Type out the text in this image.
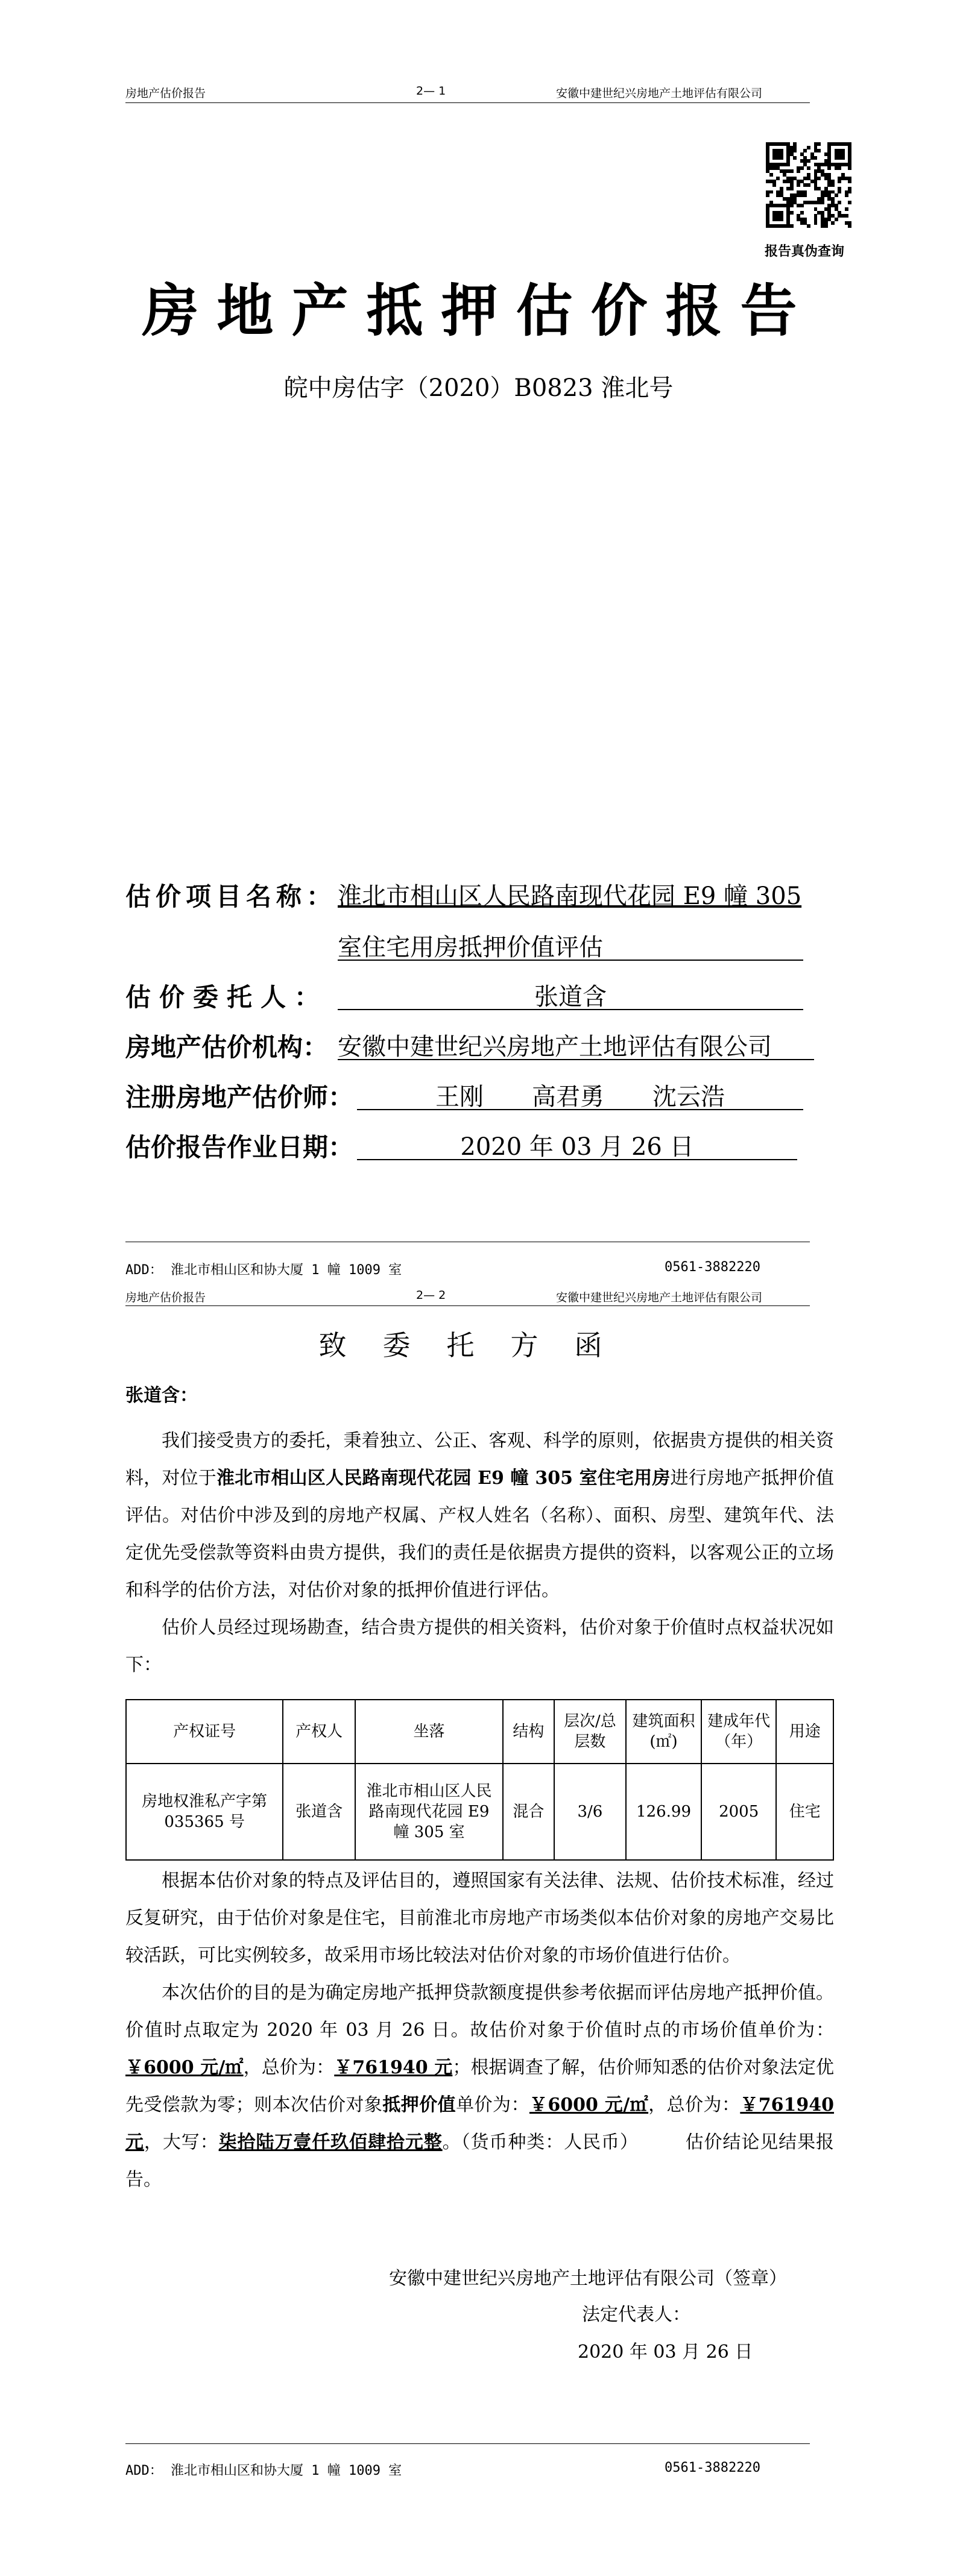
房地产估价报告	2— 1	安徽中建世纪兴房地产土地评估有限公司
报告真伪查询
房地产抵押估价报告
皖中房估字（2020）B0823 淮北号
估价项目名称： 淮北市相山区人民路南现代花园 E9 幢 305
室住宅用房抵押价值评估
估价委托人：	张道含
房地产估价机构： 安徽中建世纪兴房地产土地评估有限公司
注册房地产估价师：	王刚　　高君勇　　沈云浩
估价报告作业日期：	2020 年 03 月 26 日
ADD： 淮北市相山区和协大厦 1 幢 1009 室	0561-3882220
房地产估价报告	2— 2	安徽中建世纪兴房地产土地评估有限公司
致委托方函
张道含：

我们接受贵方的委托，秉着独立、公正、客观、科学的原则，依据贵方提供的相关资料，对位于淮北市相山区人民路南现代花园 E9 幢 305 室住宅用房进行房地产抵押价值评估。对估价中涉及到的房地产权属、产权人姓名（名称）、面积、房型、建筑年代、法定优先受偿款等资料由贵方提供，我们的责任是依据贵方提供的资料，以客观公正的立场和科学的估价方法，对估价对象的抵押价值进行评估。

估价人员经过现场勘查，结合贵方提供的相关资料，估价对象于价值时点权益状况如下：

产权证号	产权人	坐落	结构	层次/总层数	建筑面积(㎡)	建成年代（年）	用途
房地权淮私产字第 035365 号	张道含	淮北市相山区人民路南现代花园 E9 幢 305 室	混合	3/6	126.99	2005	住宅

根据本估价对象的特点及评估目的，遵照国家有关法律、法规、估价技术标准，经过反复研究，由于估价对象是住宅，目前淮北市房地产市场类似本估价对象的房地产交易比较活跃，可比实例较多，故采用市场比较法对估价对象的市场价值进行估价。

本次估价的目的是为确定房地产抵押贷款额度提供参考依据而评估房地产抵押价值。价值时点取定为 2020 年 03 月 26 日。故估价对象于价值时点的市场价值单价为：￥6000 元/㎡，总价为：￥761940 元；根据调查了解，估价师知悉的估价对象法定优先受偿款为零；则本次估价对象抵押价值单价为：￥6000 元/㎡，总价为：￥761940 元，大写：柒拾陆万壹仟玖佰肆拾元整。（货币种类：人民币）　　　估价结论见结果报告。

安徽中建世纪兴房地产土地评估有限公司（签章）
法定代表人：
2020 年 03 月 26 日
ADD： 淮北市相山区和协大厦 1 幢 1009 室	0561-3882220
